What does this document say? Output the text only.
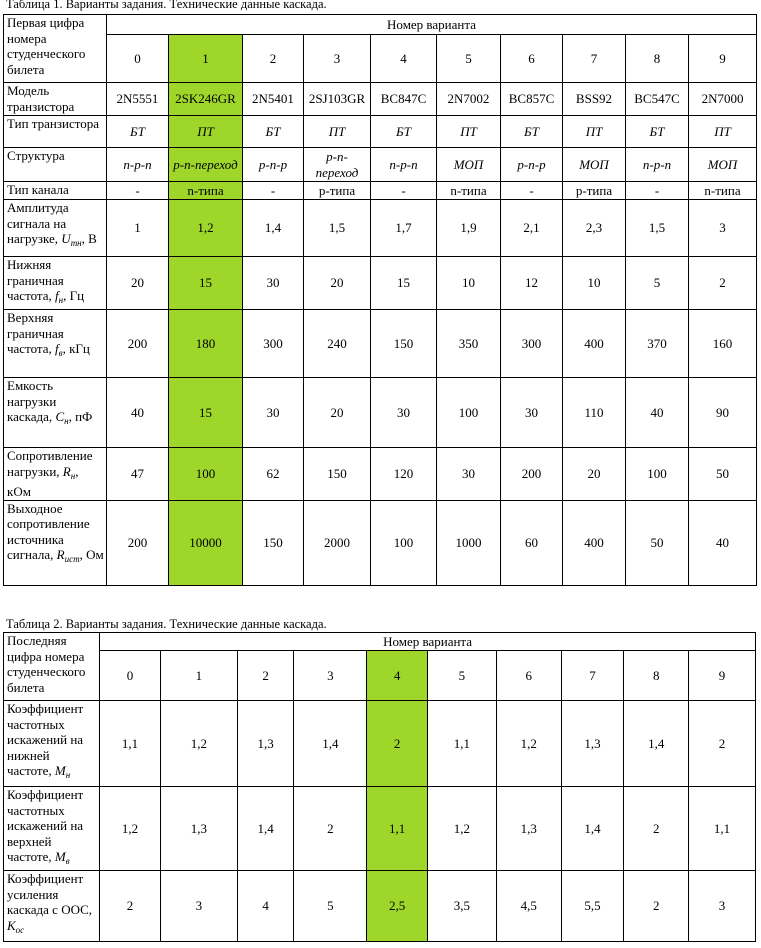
Таблица 1. Варианты задания. Технические данные каскада.
Первая цифра номера студенческого билета	Номер варианта									
	0	1	2	3	4	5	6	7	8	9
Модель транзистора	2N5551	2SK246GR	2N5401	2SJ103GR	BC847C	2N7002	BC857C	BSS92	BC547C	2N7000
Тип транзистора	БТ	ПТ	БТ	ПТ	БТ	ПТ	БТ	ПТ	БТ	ПТ
Структура	n-p-n	p-n-переход	p-n-p	p-n-переход	n-p-n	МОП	p-n-p	МОП	n-p-n	МОП
Тип канала	-	n-типа	-	p-типа	-	n-типа	-	p-типа	-	n-типа
Амплитуда сигнала на нагрузке, $U_{mн}$, В	1	1,2	1,4	1,5	1,7	1,9	2,1	2,3	1,5	3
Нижняя граничная частота, $f_н$, Гц	20	15	30	20	15	10	12	10	5	2
Верхняя граничная частота, $f_в$, кГц	200	180	300	240	150	350	300	400	370	160
Емкость нагрузки каскада, $C_н$, пФ	40	15	30	20	30	100	30	110	40	90
Сопротивление нагрузки, $R_н$, кОм	47	100	62	150	120	30	200	20	100	50
Выходное сопротивление источника сигнала, $R_{ист}$, Ом	200	10000	150	2000	100	1000	60	400	50	40
Таблица 2. Варианты задания. Технические данные каскада.
Последняя цифра номера студенческого билета	Номер варианта									
	0	1	2	3	4	5	6	7	8	9
Коэффициент частотных искажений на нижней частоте, $M_н$	1,1	1,2	1,3	1,4	2	1,1	1,2	1,3	1,4	2
Коэффициент частотных искажений на верхней частоте, $M_в$	1,2	1,3	1,4	2	1,1	1,2	1,3	1,4	2	1,1
Коэффициент усиления каскада с ООС, $K_{ос}$	2	3	4	5	2,5	3,5	4,5	5,5	2	3
